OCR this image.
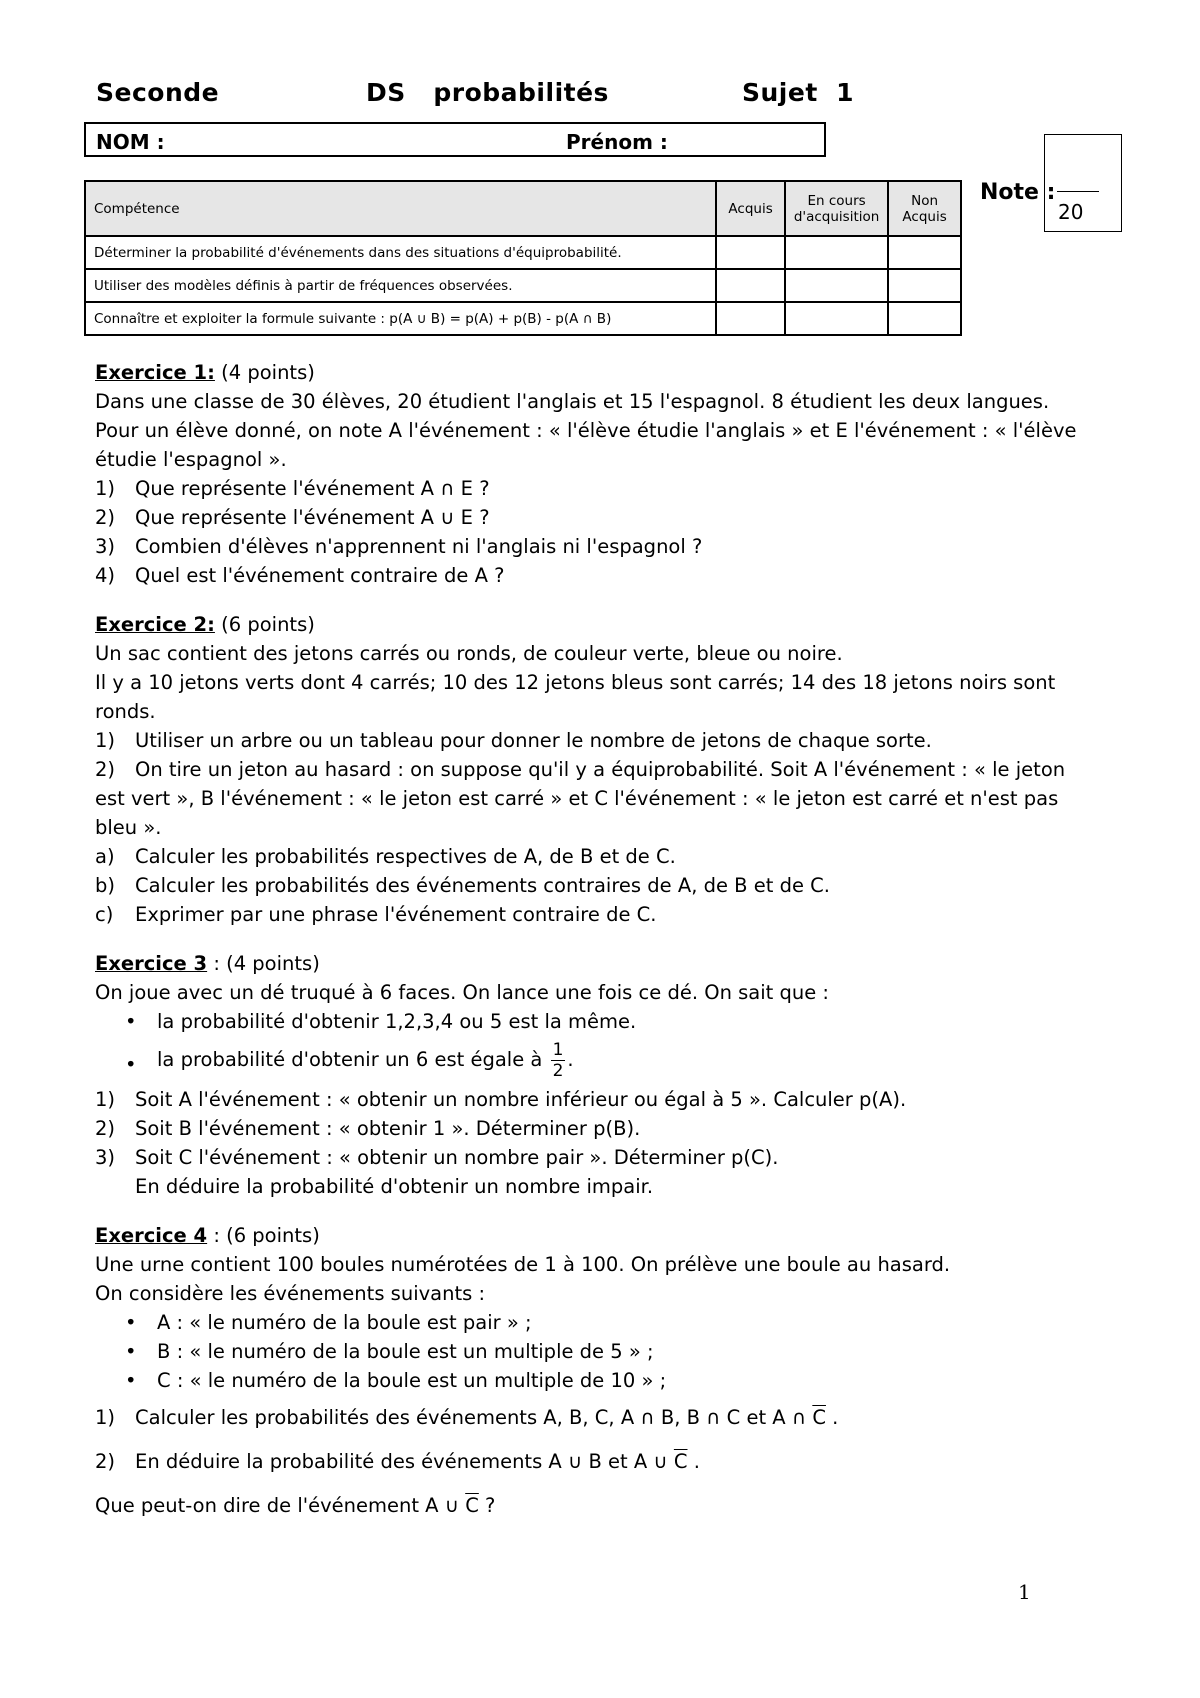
Seconde	DS   probabilités	Sujet  1
NOM :	Prénom :
Note :
20
Compétence	Acquis	En cours d'acquisition	Non Acquis
Déterminer la probabilité d'événements dans des situations d'équiprobabilité.			
Utiliser des modèles définis à partir de fréquences observées.			
Connaître et exploiter la formule suivante : p(A ∪ B) = p(A) + p(B) - p(A ∩ B)			

Exercice 1: (4 points)

Dans une classe de 30 élèves, 20 étudient l'anglais et 15 l'espagnol. 8 étudient les deux langues.

Pour un élève donné, on note A l'événement : « l'élève étudie l'anglais » et E l'événement : « l'élève étudie l'espagnol ».

1)	Que représente l'événement A ∩ E ?
2)	Que représente l'événement A ∪ E ?
3)	Combien d'élèves n'apprennent ni l'anglais ni l'espagnol ?
4)	Quel est l'événement contraire de A ?

Exercice 2: (6 points)

Un sac contient des jetons carrés ou ronds, de couleur verte, bleue ou noire.

Il y a 10 jetons verts dont 4 carrés; 10 des 12 jetons bleus sont carrés; 14 des 18 jetons noirs sont ronds.

1)	Utiliser un arbre ou un tableau pour donner le nombre de jetons de chaque sorte.

2) On tire un jeton au hasard : on suppose qu'il y a équiprobabilité. Soit A l'événement : « le jeton est vert », B l'événement : « le jeton est carré » et C l'événement : « le jeton est carré et n'est pas bleu ».

a)	Calculer les probabilités respectives de A, de B et de C.
b)	Calculer les probabilités des événements contraires de A, de B et de C.
c)	Exprimer par une phrase l'événement contraire de C.

Exercice 3 : (4 points)

On joue avec un dé truqué à 6 faces. On lance une fois ce dé. On sait que :

•	la probabilité d'obtenir 1,2,3,4 ou 5 est la même.
•	la probabilité d'obtenir un 6 est égale à $\frac{1}{2}$ .
1)	Soit A l'événement : « obtenir un nombre inférieur ou égal à 5 ». Calculer p(A).
2)	Soit B l'événement : « obtenir 1 ». Déterminer p(B).
3)	Soit C l'événement : « obtenir un nombre pair ». Déterminer p(C).

En déduire la probabilité d'obtenir un nombre impair.

Exercice 4 : (6 points)

Une urne contient 100 boules numérotées de 1 à 100. On prélève une boule au hasard.

On considère les événements suivants :

•	A : « le numéro de la boule est pair » ;
•	B : « le numéro de la boule est un multiple de 5 » ;
•	C : « le numéro de la boule est un multiple de 10 » ;
1)	Calculer les probabilités des événements A, B, C, A ∩ B, B ∩ C et A ∩ $\overline{C}$ .
2)	En déduire la probabilité des événements A ∪ B et A ∪ $\overline{C}$ .

Que peut-on dire de l'événement A ∪ $\overline{C}$ ?

1
